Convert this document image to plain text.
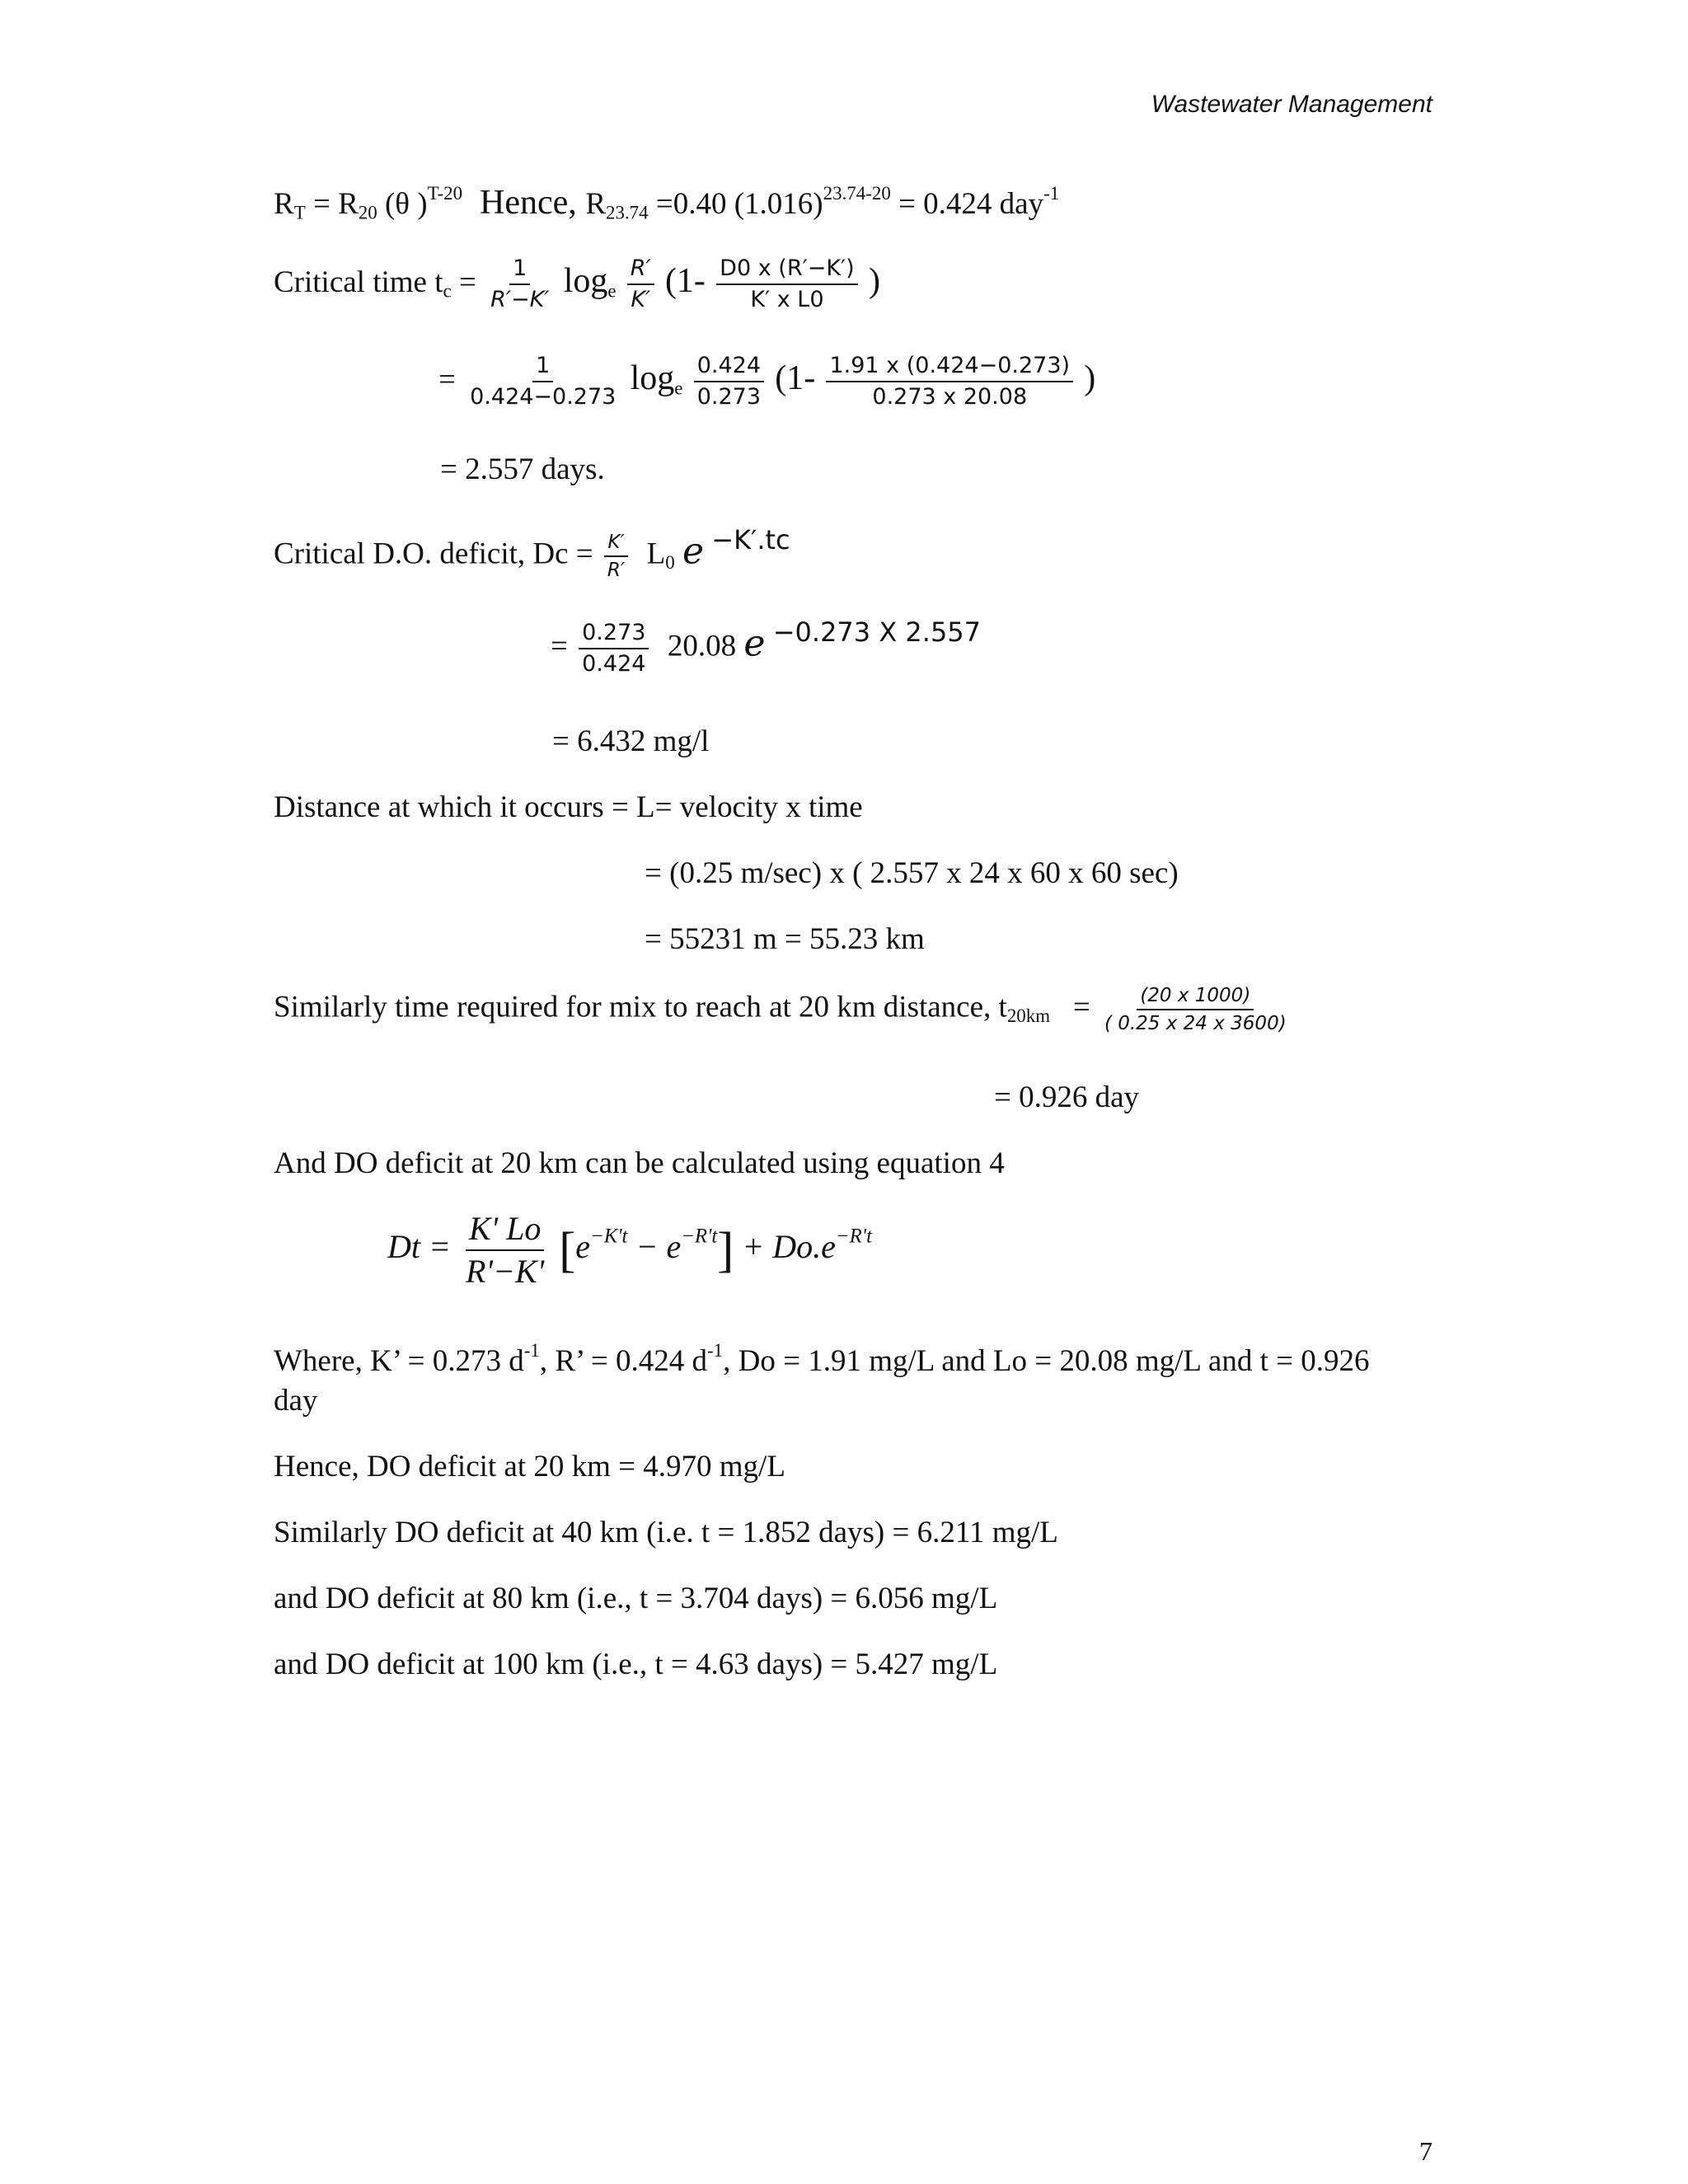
Wastewater Management
$R_T = R_{20}$ (θ )$^{T-20}$ Hence, $R_{23.74} =0.40$ $(1.016)^{23.74-20} = 0.424$ day$^{-1}$
Critical time $t_c = \frac{1}{R'-K'} \log_e \frac{R'}{K'} (1- \frac{D0 x (R'-K')}{\text{K′ x L0}}$ )
= $\frac{1}{0.424-0.273} \log_e \frac{0.424}{0.273} (1- \frac{1.91 x (0.424-0.273)}{0.273 x 20.08}$ )
= 2.557 days.
Critical D.O. deficit, $Dc = \frac{K'}{R'} L_0$ e −K′.tc
= $\frac{0.273}{0.424} 20.08$ e −0.273 X 2.557
= 6.432 mg/l
Distance at which it occurs = L= velocity x time
= (0.25 m/sec) x ( 2.557 x 24 x 60 x 60 sec)
= 55231 m = 55.23 km
Similarly time required for mix to reach at 20 km distance, $t_{20km} = \frac{(20 x 1000)}{( 0.25 x 24 x 3600)}$
= 0.926 day
And DO deficit at 20 km can be calculated using equation 4
$Dt = \frac{K' Lo}{R'-K'} [e^{-K't} - e^{-R't}] + Do.e^{-R't}$
Where, K’ = 0.273 $d^{-1}$, R’ = 0.424 $d^{-1}$, Do = 1.91 mg/L and Lo = 20.08 mg/L and t = 0.926
day
Hence, DO deficit at 20 km = 4.970 mg/L
Similarly DO deficit at 40 km (i.e. t = 1.852 days) = 6.211 mg/L
and DO deficit at 80 km (i.e., t = 3.704 days) = 6.056 mg/L
and DO deficit at 100 km (i.e., t = 4.63 days) = 5.427 mg/L
7
